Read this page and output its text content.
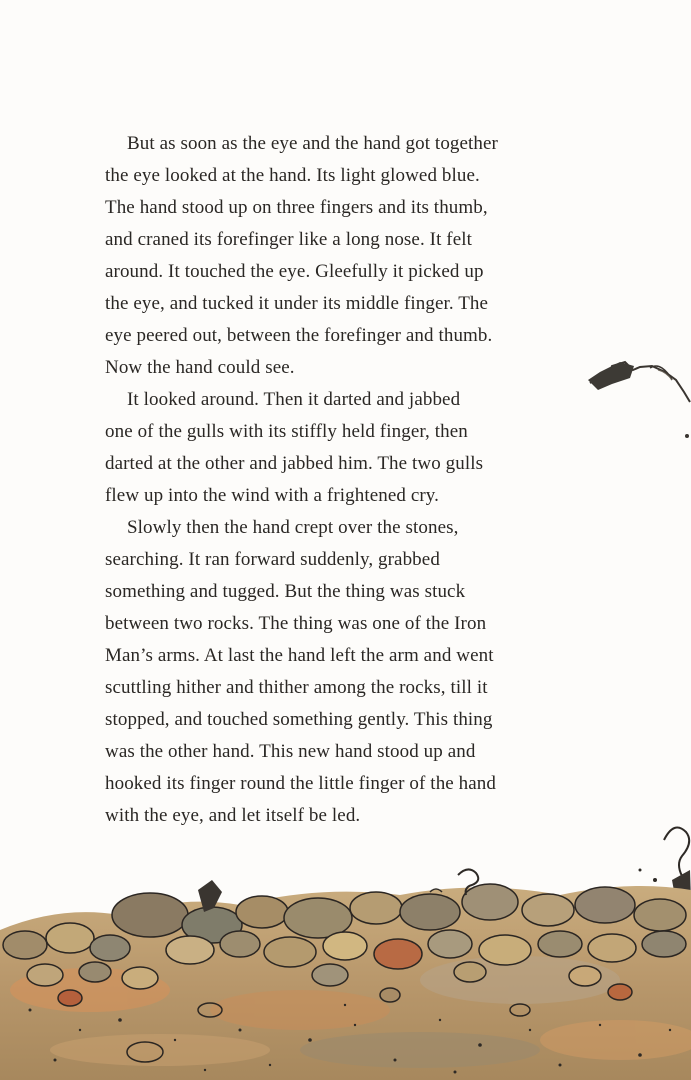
But as soon as the eye and the hand got together
the eye looked at the hand. Its light glowed blue.
The hand stood up on three fingers and its thumb,
and craned its forefinger like a long nose. It felt
around. It touched the eye. Gleefully it picked up
the eye, and tucked it under its middle finger. The
eye peered out, between the forefinger and thumb.
Now the hand could see.
It looked around. Then it darted and jabbed
one of the gulls with its stiffly held finger, then
darted at the other and jabbed him. The two gulls
flew up into the wind with a frightened cry.
Slowly then the hand crept over the stones,
searching. It ran forward suddenly, grabbed
something and tugged. But the thing was stuck
between two rocks. The thing was one of the Iron
Man’s arms. At last the hand left the arm and went
scuttling hither and thither among the rocks, till it
stopped, and touched something gently. This thing
was the other hand. This new hand stood up and
hooked its finger round the little finger of the hand
with the eye, and let itself be led.
